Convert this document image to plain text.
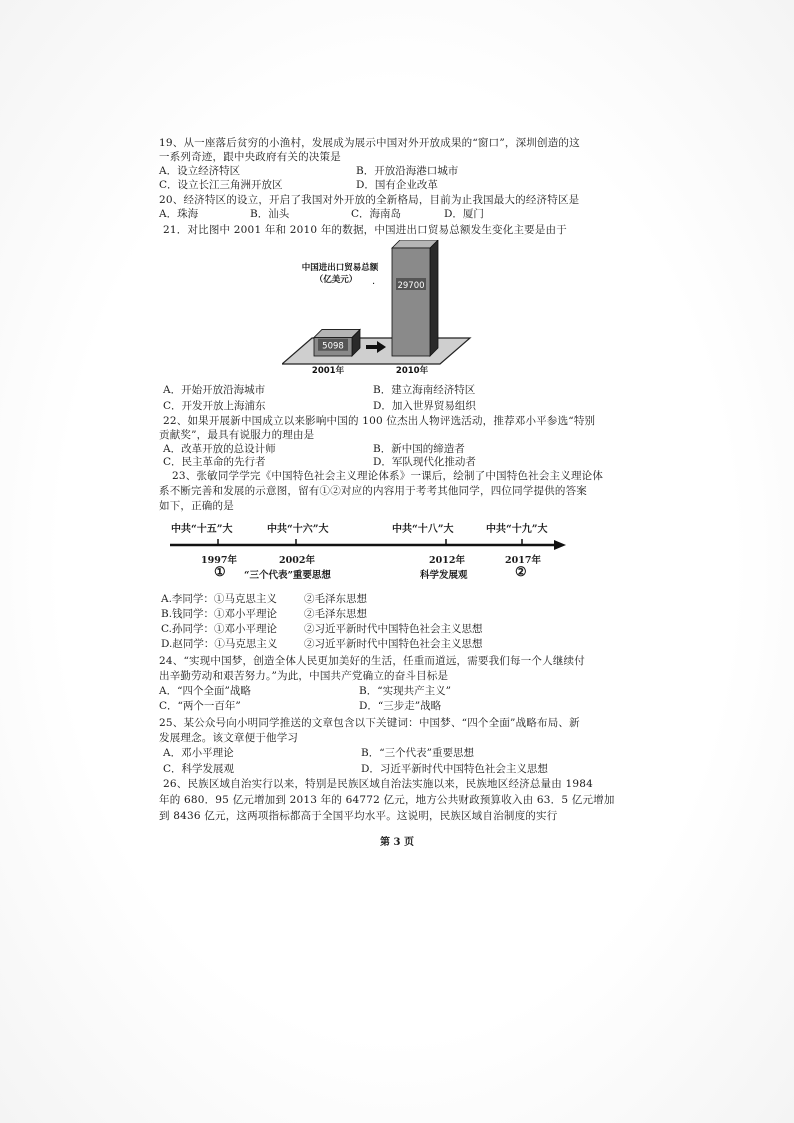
19、从一座落后贫穷的小渔村，发展成为展示中国对外开放成果的“窗口”，深圳创造的这
一系列奇迹，跟中央政府有关的决策是
A．设立经济特区	B．开放沿海港口城市
C．设立长江三角洲开放区	D．国有企业改革
20、经济特区的设立，开启了我国对外开放的全新格局，目前为止我国最大的经济特区是
A．珠海	B．汕头	C．海南岛	D．厦门
21．对比图中 2001 年和 2010 年的数据，中国进出口贸易总额发生变化主要是由于
中国进出口贸易总额
（亿美元） .
5098
29700
2001年	2010年
A．开始开放沿海城市	B．建立海南经济特区
C．开发开放上海浦东	D．加入世界贸易组织
22、如果开展新中国成立以来影响中国的 100 位杰出人物评选活动，推荐邓小平参选“特别
贡献奖”，最具有说服力的理由是
A．改革开放的总设计师	B．新中国的缔造者
C．民主革命的先行者	D．军队现代化推动者
23、张敏同学学完《中国特色社会主义理论体系》一课后，绘制了中国特色社会主义理论体
系不断完善和发展的示意图，留有①②对应的内容用于考考其他同学，四位同学提供的答案
如下，正确的是
中共“十五”大	中共“十六”大	中共“十八”大	中共“十九”大
1997年	2002年	2012年	2017年
① “三个代表”重要思想	科学发展观	②
A.李同学：①马克思主义	②毛泽东思想
B.钱同学：①邓小平理论	②毛泽东思想
C.孙同学：①邓小平理论	②习近平新时代中国特色社会主义思想
D.赵同学：①马克思主义	②习近平新时代中国特色社会主义思想
24、“实现中国梦，创造全体人民更加美好的生活，任重而道远，需要我们每一个人继续付
出辛勤劳动和艰苦努力。”为此，中国共产党确立的奋斗目标是
A．“四个全面”战略	B．“实现共产主义”
C．“两个一百年”	D．“三步走”战略
25、某公众号向小明同学推送的文章包含以下关键词：中国梦、“四个全面”战略布局、新
发展理念。该文章便于他学习
A．邓小平理论	B．“三个代表”重要思想
C．科学发展观	D．习近平新时代中国特色社会主义思想
26、民族区域自治实行以来，特别是民族区域自治法实施以来，民族地区经济总量由 1984
年的 680．95 亿元增加到 2013 年的 64772 亿元，地方公共财政预算收入由 63．5 亿元增加
到 8436 亿元，这两项指标都高于全国平均水平。这说明，民族区域自治制度的实行
第 3 页
